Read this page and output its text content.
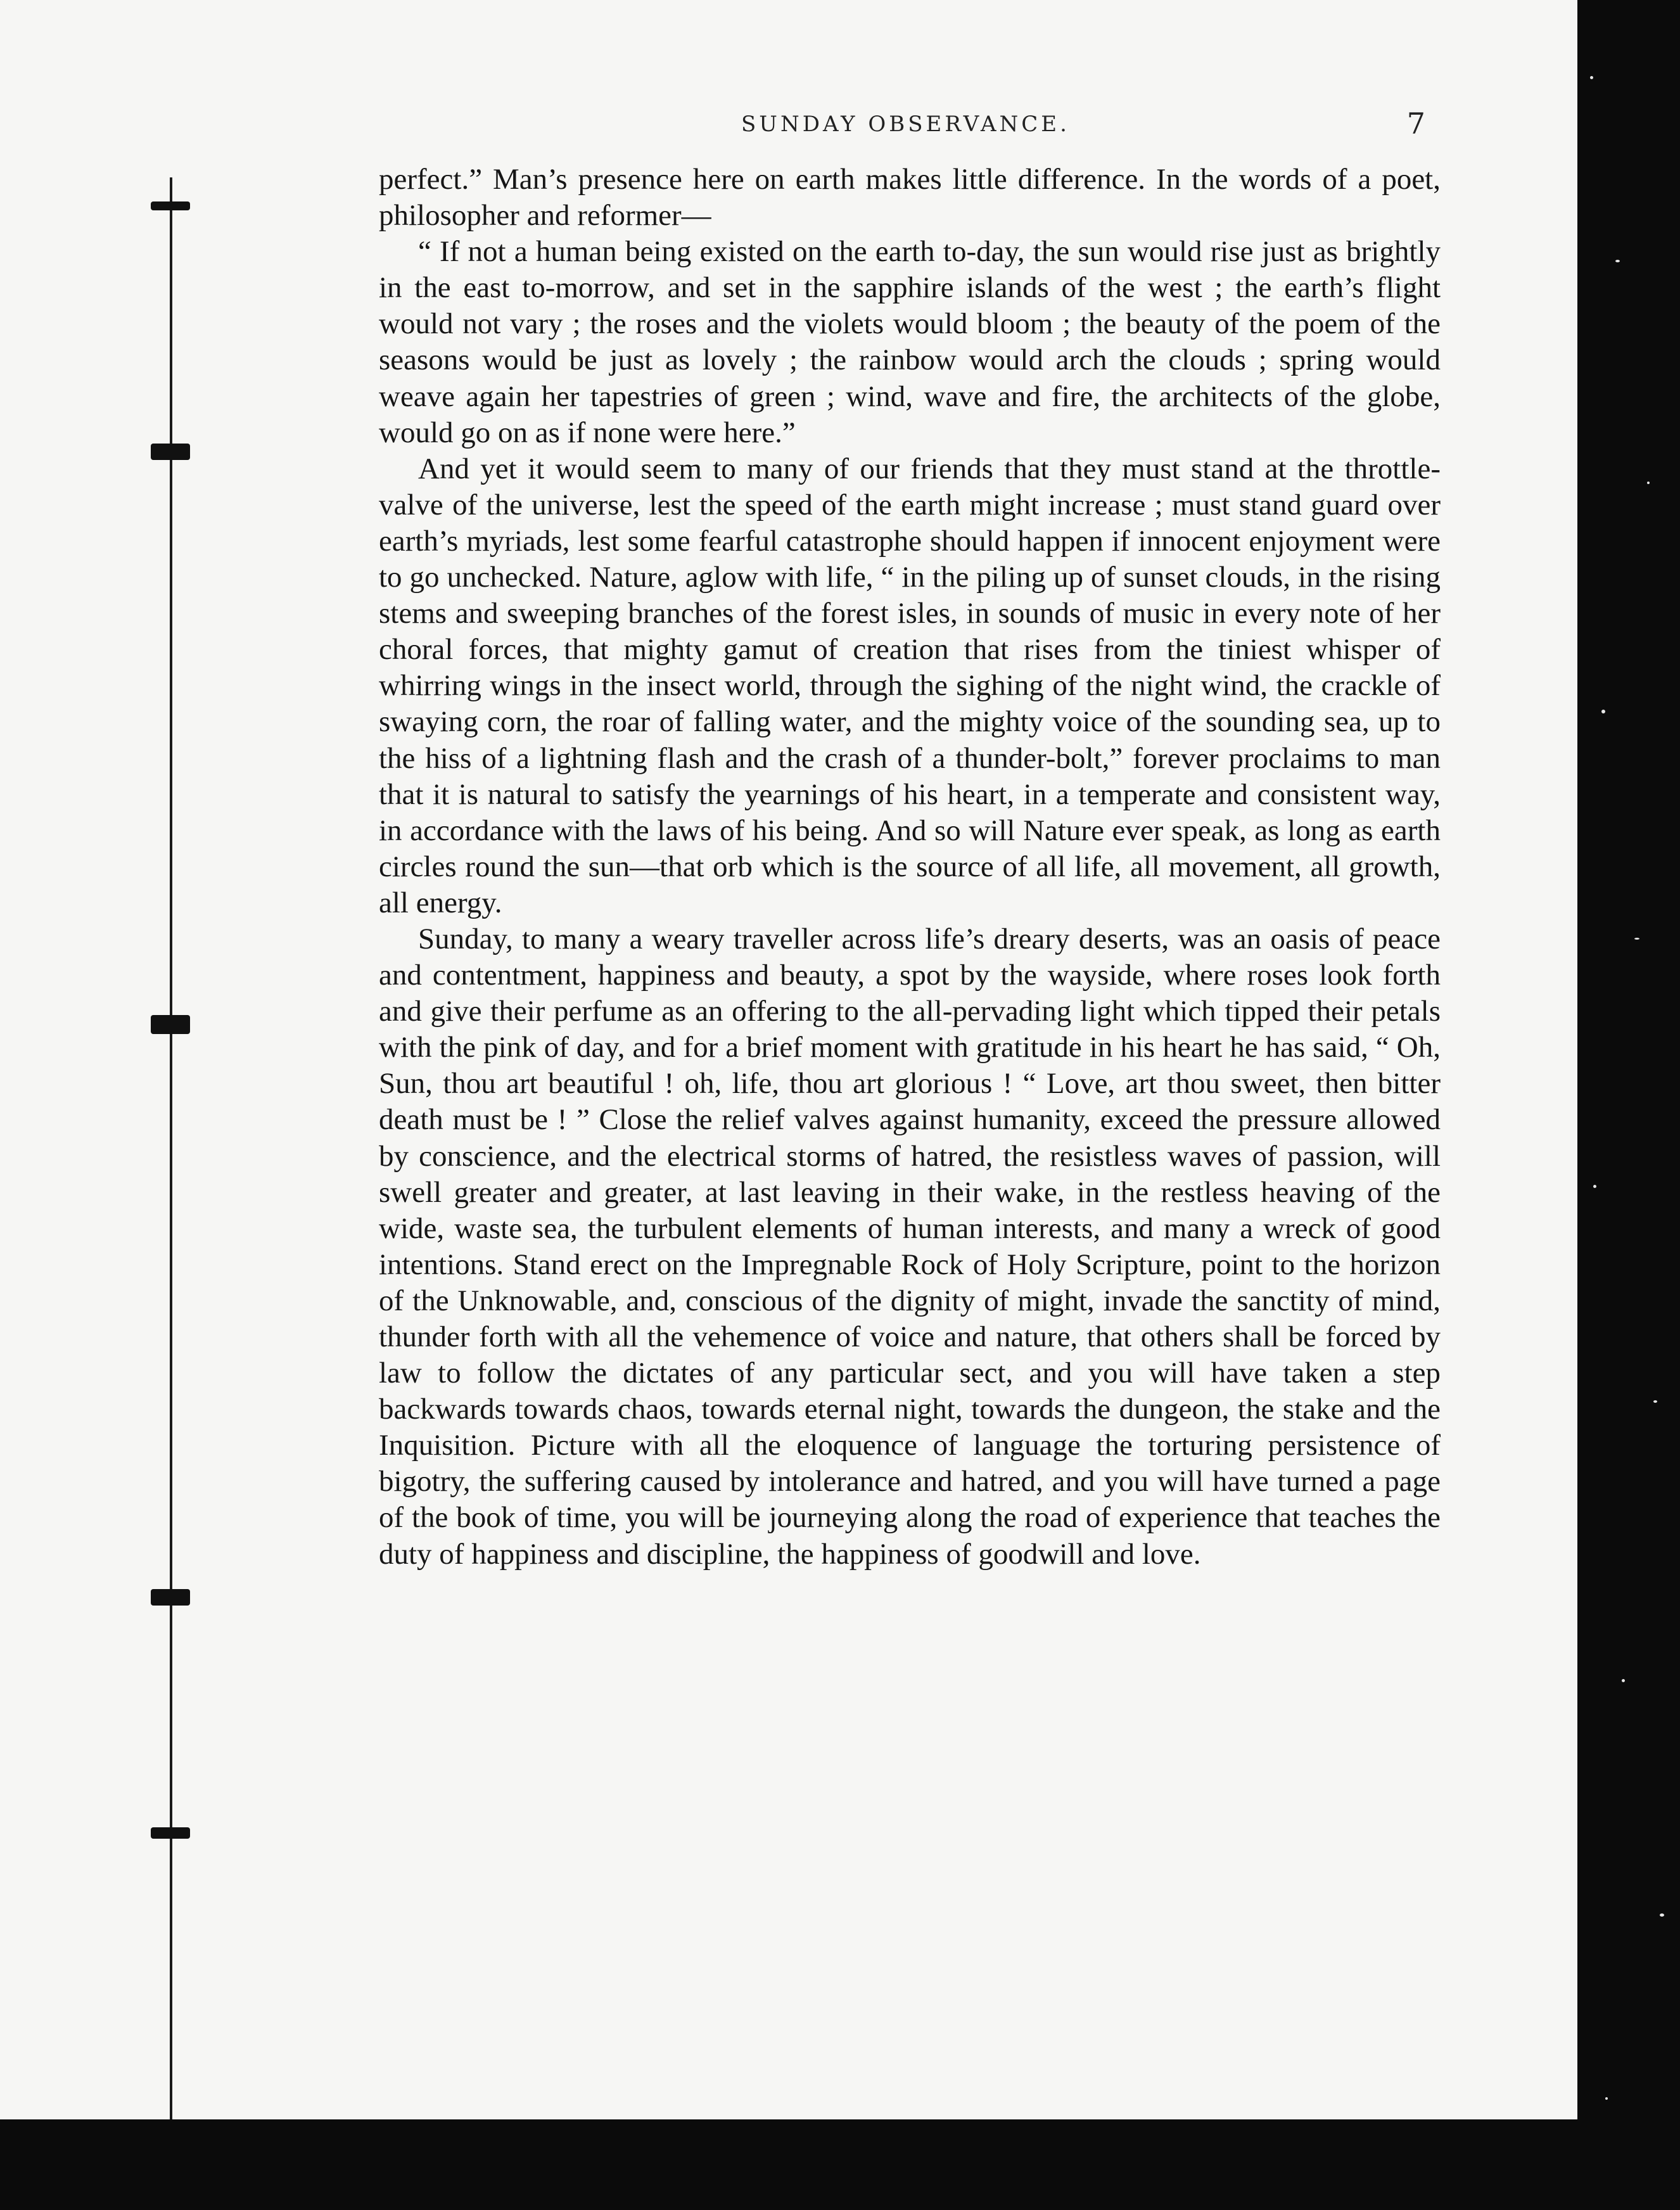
SUNDAY OBSERVANCE.	7

perfect.” Man’s presence here on earth makes little difference. In the words of a poet, philosopher and reformer—

“ If not a human being existed on the earth to-day, the sun would rise just as brightly in the east to-morrow, and set in the sapphire islands of the west ; the earth’s flight would not vary ; the roses and the violets would bloom ; the beauty of the poem of the seasons would be just as lovely ; the rainbow would arch the clouds ; spring would weave again her tapestries of green ; wind, wave and fire, the architects of the globe, would go on as if none were here.”

And yet it would seem to many of our friends that they must stand at the throttle-valve of the universe, lest the speed of the earth might increase ; must stand guard over earth’s myriads, lest some fearful catastrophe should happen if innocent enjoyment were to go unchecked. Nature, aglow with life, “ in the piling up of sunset clouds, in the rising stems and sweeping branches of the forest isles, in sounds of music in every note of her choral forces, that mighty gamut of creation that rises from the tiniest whisper of whirring wings in the insect world, through the sighing of the night wind, the crackle of swaying corn, the roar of falling water, and the mighty voice of the sounding sea, up to the hiss of a lightning flash and the crash of a thunder-bolt,” forever proclaims to man that it is natural to satisfy the yearnings of his heart, in a temperate and consistent way, in accordance with the laws of his being. And so will Nature ever speak, as long as earth circles round the sun—that orb which is the source of all life, all movement, all growth, all energy.

Sunday, to many a weary traveller across life’s dreary deserts, was an oasis of peace and contentment, happiness and beauty, a spot by the wayside, where roses look forth and give their perfume as an offering to the all-pervading light which tipped their petals with the pink of day, and for a brief moment with gratitude in his heart he has said, “ Oh, Sun, thou art beautiful ! oh, life, thou art glorious ! “ Love, art thou sweet, then bitter death must be ! ” Close the relief valves against humanity, exceed the pressure allowed by conscience, and the electrical storms of hatred, the resistless waves of passion, will swell greater and greater, at last leaving in their wake, in the restless heaving of the wide, waste sea, the turbulent elements of human interests, and many a wreck of good intentions. Stand erect on the Impregnable Rock of Holy Scripture, point to the horizon of the Unknowable, and, conscious of the dignity of might, invade the sanctity of mind, thunder forth with all the vehemence of voice and nature, that others shall be forced by law to follow the dictates of any particular sect, and you will have taken a step backwards towards chaos, towards eternal night, towards the dungeon, the stake and the Inquisition. Picture with all the eloquence of language the torturing persistence of bigotry, the suffering caused by intolerance and hatred, and you will have turned a page of the book of time, you will be journeying along the road of experience that teaches the duty of happiness and discipline, the happiness of goodwill and love.
